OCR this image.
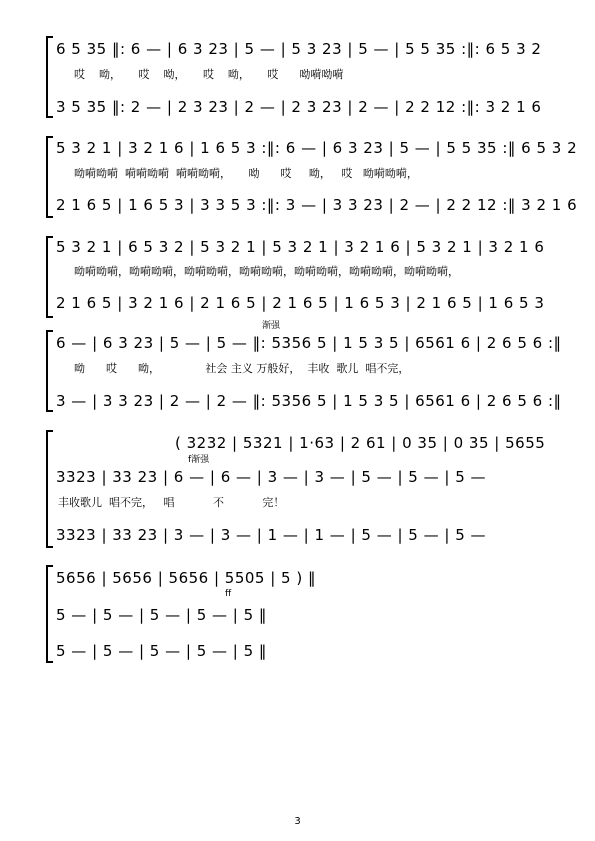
6 5 35 ‖: 6 — | 6 3 23 | 5 — | 5 3 23 | 5 — | 5 5 35 :‖: 6 5 3 2
哎    呦，     哎    呦，     哎    呦，     哎      呦嗬呦嗬
3 5 35 ‖: 2 — | 2 3 23 | 2 — | 2 3 23 | 2 — | 2 2 12 :‖: 3 2 1 6
5 3 2 1 | 3 2 1 6 | 1 6 5 3 :‖: 6 — | 6 3 23 | 5 — | 5 5 35 :‖ 6 5 3 2
呦嗬呦嗬  嗬嗬呦嗬  嗬嗬呦嗬，     呦      哎     呦，   哎   呦嗬呦嗬，
2 1 6 5 | 1 6 5 3 | 3 3 5 3 :‖: 3 — | 3 3 23 | 2 — | 2 2 12 :‖ 3 2 1 6
5 3 2 1 | 6 5 3 2 | 5 3 2 1 | 5 3 2 1 | 3 2 1 6 | 5 3 2 1 | 3 2 1 6
呦嗬呦嗬，呦嗬呦嗬，呦嗬呦嗬，呦嗬呦嗬，呦嗬呦嗬，呦嗬呦嗬，呦嗬呦嗬，
2 1 6 5 | 3 2 1 6 | 2 1 6 5 | 2 1 6 5 | 1 6 5 3 | 2 1 6 5 | 1 6 5 3
渐强
6 — | 6 3 23 | 5 — | 5 — ‖: 5356 5 | 1 5 3 5 | 6561 6 | 2 6 5 6 :‖
呦      哎      呦，             社会 主义 万般好，  丰收  歌儿  唱不完，
3 — | 3 3 23 | 2 — | 2 — ‖: 5356 5 | 1 5 3 5 | 6561 6 | 2 6 5 6 :‖
( 3232 | 5321 | 1·63 | 2 61 | 0 35 | 0 35 | 5655
f渐强
3323 | 33 23 | 6 — | 6 — | 3 — | 3 — | 5 — | 5 — | 5 —
丰收歌儿  唱不完，   唱           不           完！
3323 | 33 23 | 3 — | 3 — | 1 — | 1 — | 5 — | 5 — | 5 —
5656 | 5656 | 5656 | 5505 | 5 ) ‖
ff
5 — | 5 — | 5 — | 5 — | 5 ‖
5 — | 5 — | 5 — | 5 — | 5 ‖
3
